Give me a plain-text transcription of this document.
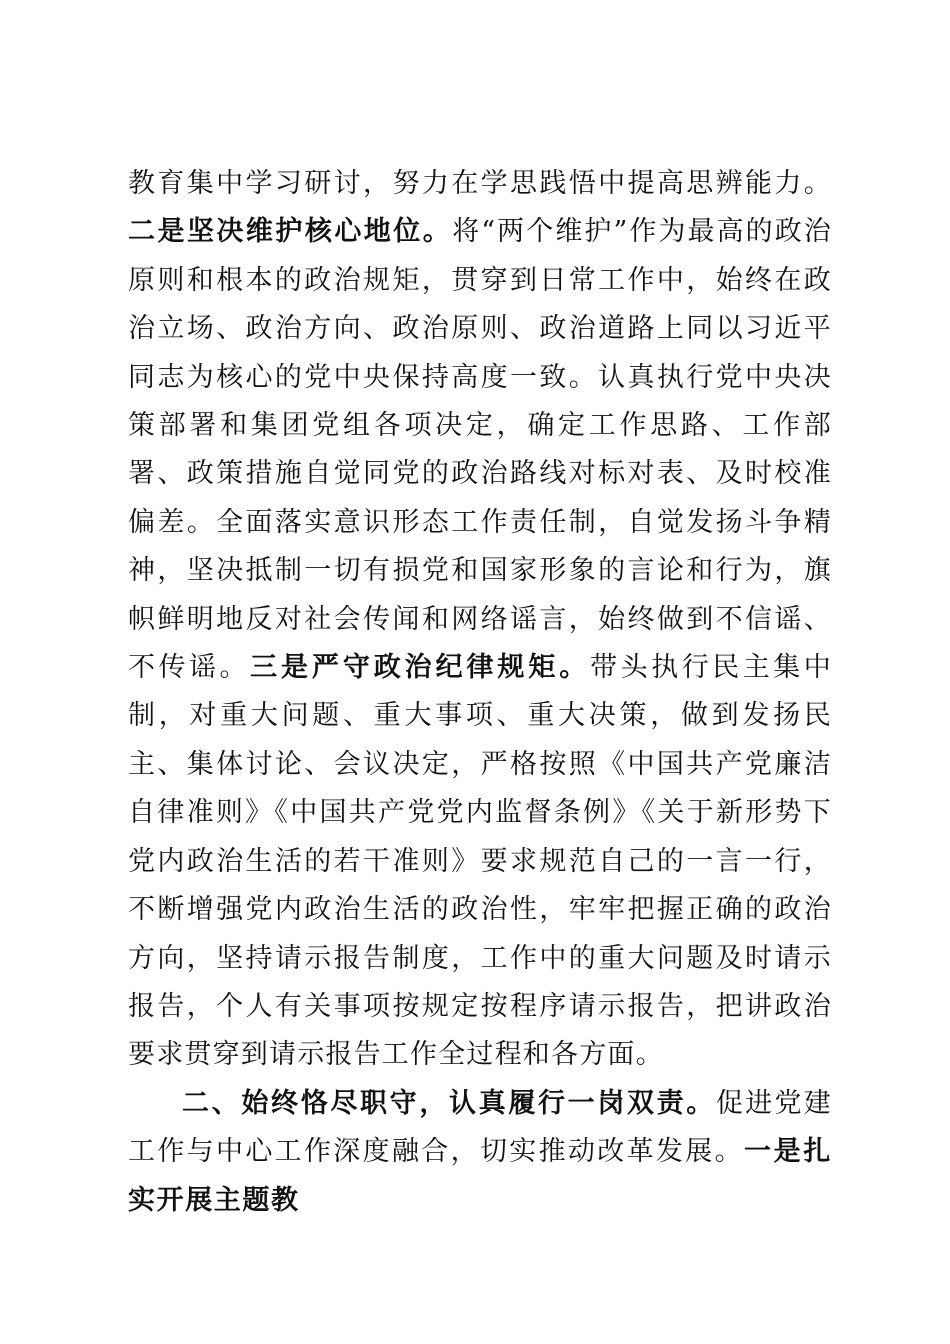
教育集中学习研讨，努力在学思践悟中提高思辨能力。二是坚决维护核心地位。将“两个维护”作为最高的政治原则和根本的政治规矩，贯穿到日常工作中，始终在政治立场、政治方向、政治原则、政治道路上同以习近平同志为核心的党中央保持高度一致。认真执行党中央决策部署和集团党组各项决定，确定工作思路、工作部署、政策措施自觉同党的政治路线对标对表、及时校准偏差。全面落实意识形态工作责任制，自觉发扬斗争精神，坚决抵制一切有损党和国家形象的言论和行为，旗帜鲜明地反对社会传闻和网络谣言，始终做到不信谣、不传谣。三是严守政治纪律规矩。带头执行民主集中制，对重大问题、重大事项、重大决策，做到发扬民主、集体讨论、会议决定，严格按照《中国共产党廉洁自律准则》《中国共产党党内监督条例》《关于新形势下党内政治生活的若干准则》要求规范自己的一言一行，不断增强党内政治生活的政治性，牢牢把握正确的政治方向，坚持请示报告制度，工作中的重大问题及时请示报告，个人有关事项按规定按程序请示报告，把讲政治要求贯穿到请示报告工作全过程和各方面。

二、始终恪尽职守，认真履行一岗双责。促进党建工作与中心工作深度融合，切实推动改革发展。一是扎实开展主题教
